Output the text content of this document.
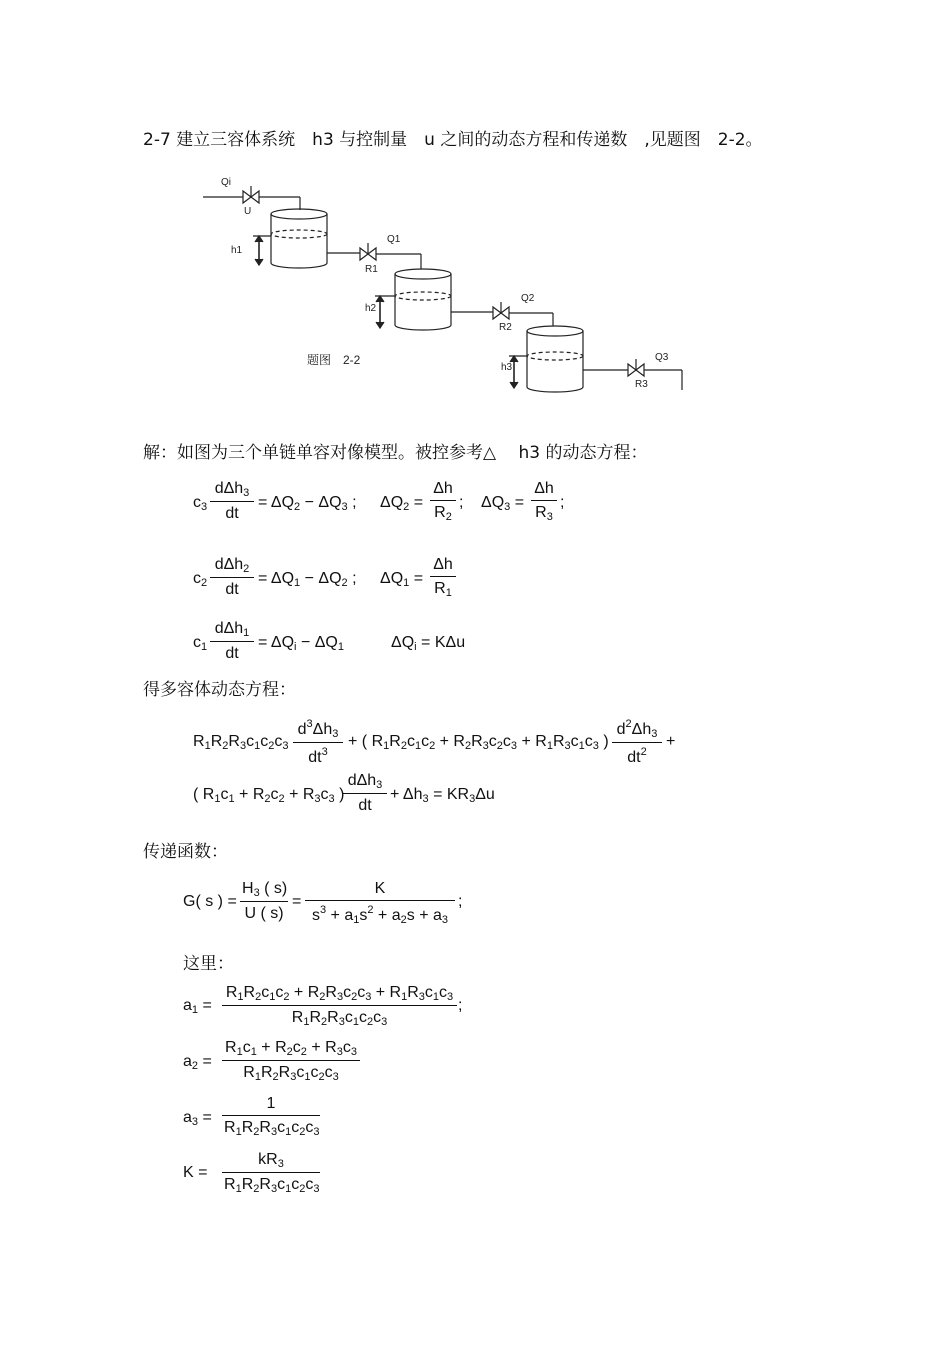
2-7 建立三容体系统　h3 与控制量　u 之间的动态方程和传递数　,见题图　2-2。
Qi
U
h1
Q1
R1
h2
Q2
R2
h3
Q3
R3
题图　2-2
解：如图为三个单链单容对像模型。被控参考△　 h3 的动态方程：
$c_3$
dΔh$_3$
dt
= $\Delta Q_2 - \Delta Q_3$ ; $\Delta Q_2 = \frac{\Delta h}{R_2}$ ; $\Delta Q_3 = \frac{\Delta h}{R_3}$ ;
$c_2$
dΔh$_2$
dt
= $\Delta Q_1 - \Delta Q_2$ ; $\Delta Q_1 = \frac{\Delta h}{R_1}$
$c_1$
dΔh$_1$
dt
= $\Delta Q_i - \Delta Q_1$	$\Delta Q_i = K\Delta u$
得多容体动态方程：
$R_1R_2R_3c_1c_2c_3 \frac{d^3\Delta h_3}{dt^3}$ + ( $R_1R_2c_1c_2 + R_2R_3c_2c_3 + R_1R_3c_1c_3$ ) $\frac{d^2\Delta h_3}{dt^2}$ +
( $R_1c_1 + R_2c_2 + R_3c_3$ )
dΔh$_3$
dt
+ $\Delta h_3 = KR_3\Delta u$
传递函数：
G( s ) = $\frac{H_3 ( s)}{U ( s)} = \frac{K}{s^3 + a_1s^2 + a_2s + a_3}$ ;
这里：
$a_1 = \frac{R_1R_2c_1c_2 + R_2R_3c_2c_3 + R_1R_3c_1c_3}{R_1R_2R_3c_1c_2c_3}$ ;
$a_2 = \frac{R_1c_1 + R_2c_2 + R_3c_3}{R_1R_2R_3c_1c_2c_3}$
$a_3 = \frac{1}{R_1R_2R_3c_1c_2c_3}$
$K = \frac{kR_3}{R_1R_2R_3c_1c_2c_3}$
